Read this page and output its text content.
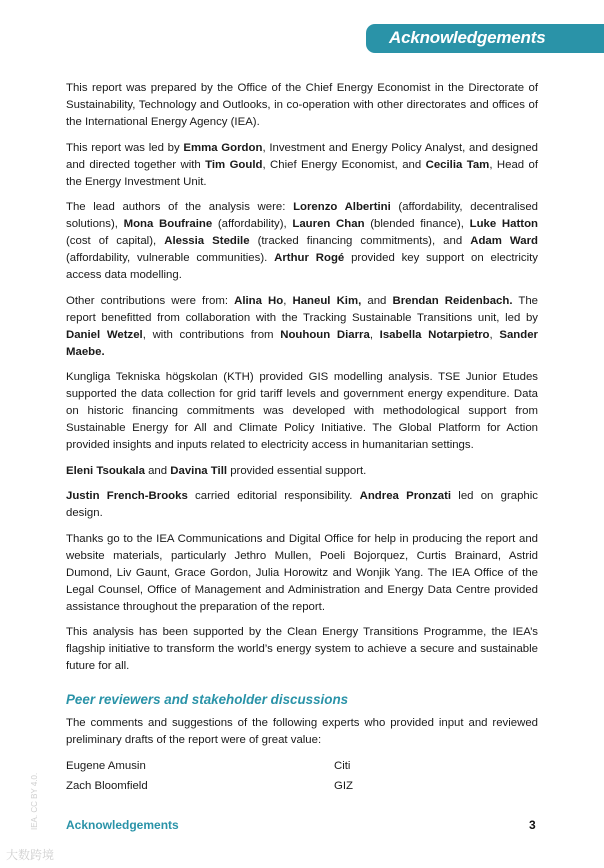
Acknowledgements

This report was prepared by the Office of the Chief Energy Economist in the Directorate of Sustainability, Technology and Outlooks, in co-operation with other directorates and offices of the International Energy Agency (IEA).

This report was led by Emma Gordon, Investment and Energy Policy Analyst, and designed and directed together with Tim Gould, Chief Energy Economist, and Cecilia Tam, Head of the Energy Investment Unit.

The lead authors of the analysis were: Lorenzo Albertini (affordability, decentralised solutions), Mona Boufraine (affordability), Lauren Chan (blended finance), Luke Hatton (cost of capital), Alessia Stedile (tracked financing commitments), and Adam Ward (affordability, vulnerable communities). Arthur Rogé provided key support on electricity access data modelling.

Other contributions were from: Alina Ho, Haneul Kim, and Brendan Reidenbach. The report benefitted from collaboration with the Tracking Sustainable Transitions unit, led by Daniel Wetzel, with contributions from Nouhoun Diarra, Isabella Notarpietro, Sander Maebe.

Kungliga Tekniska högskolan (KTH) provided GIS modelling analysis. TSE Junior Etudes supported the data collection for grid tariff levels and government energy expenditure. Data on historic financing commitments was developed with methodological support from Sustainable Energy for All and Climate Policy Initiative. The Global Platform for Action provided insights and inputs related to electricity access in humanitarian settings.

Eleni Tsoukala and Davina Till provided essential support.

Justin French-Brooks carried editorial responsibility. Andrea Pronzati led on graphic design.

Thanks go to the IEA Communications and Digital Office for help in producing the report and website materials, particularly Jethro Mullen, Poeli Bojorquez, Curtis Brainard, Astrid Dumond, Liv Gaunt, Grace Gordon, Julia Horowitz and Wonjik Yang. The IEA Office of the Legal Counsel, Office of Management and Administration and Energy Data Centre provided assistance throughout the preparation of the report.

This analysis has been supported by the Clean Energy Transitions Programme, the IEA’s flagship initiative to transform the world’s energy system to achieve a secure and sustainable future for all.

Peer reviewers and stakeholder discussions

The comments and suggestions of the following experts who provided input and reviewed preliminary drafts of the report were of great value:

Eugene Amusin	Citi
Zach Bloomfield	GIZ
IEA. CC BY 4.0. Acknowledgements	3
大数跨境
